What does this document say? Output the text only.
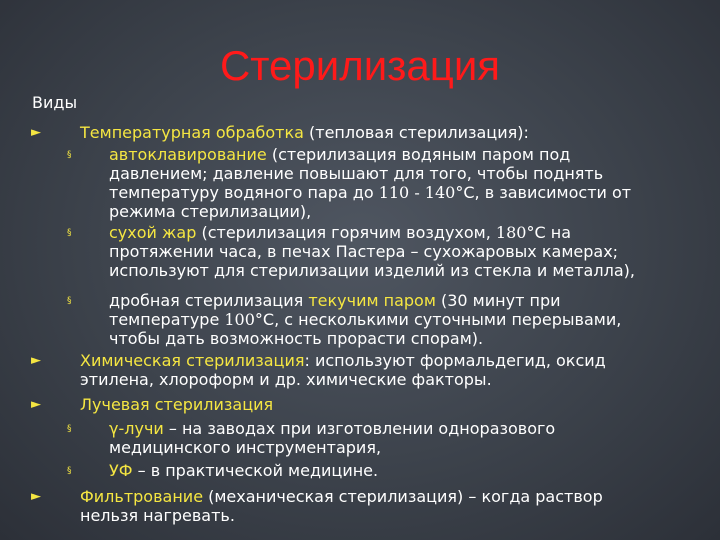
Стерилизация
Виды
► Температурная обработка (тепловая стерилизация):
§ автоклавирование (стерилизация водяным паром под
давлением; давление повышают для того, чтобы поднять
температуру водяного пара до 110 - 140°С, в зависимости от
режима стерилизации),
§ сухой жар (стерилизация горячим воздухом, 180°С на
протяжении часа, в печах Пастера – сухожаровых камерах;
используют для стерилизации изделий из стекла и металла),
§ дробная стерилизация текучим паром (30 минут при
температуре 100°С, с несколькими суточными перерывами,
чтобы дать возможность прорасти спорам).
► Химическая стерилизация: используют формальдегид, оксид
этилена, хлороформ и др. химические факторы.
► Лучевая стерилизация
§ γ-лучи – на заводах при изготовлении одноразового
медицинского инструментария,
§ УФ – в практической медицине.
► Фильтрование (механическая стерилизация) – когда раствор
нельзя нагревать.
